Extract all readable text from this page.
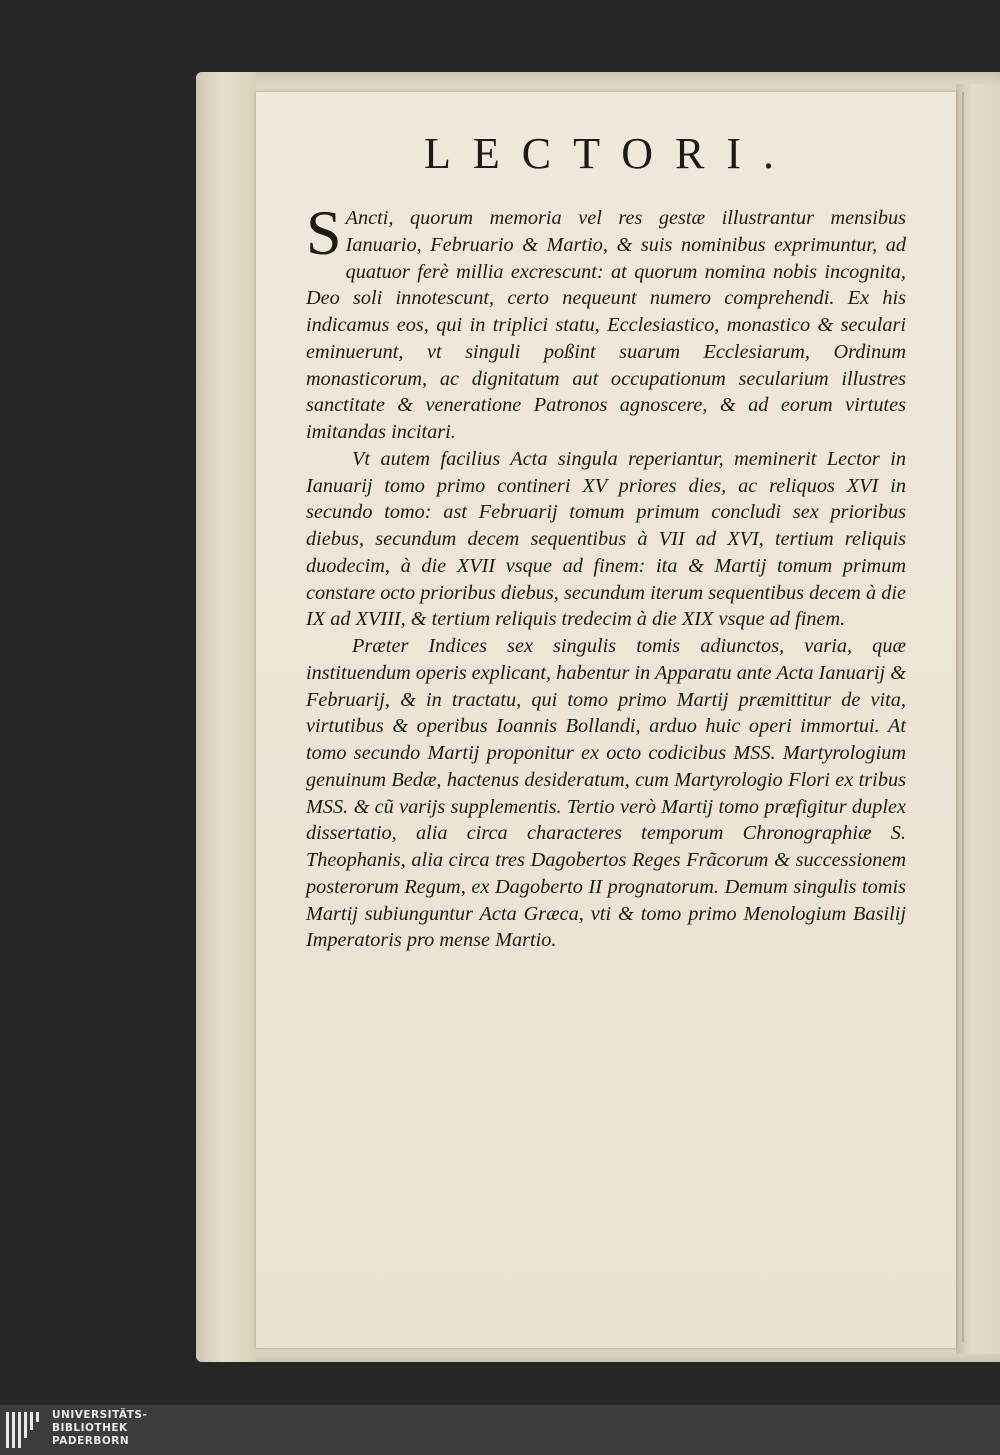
LECTORI.

S Ancti, quorum memoria vel res gestæ illustrantur mensibus Ianuario, Februario & Martio, & suis nominibus exprimuntur, ad quatuor ferè millia excrescunt: at quorum nomina nobis incognita, Deo soli innotescunt, certo nequeunt numero comprehendi. Ex his indicamus eos, qui in triplici statu, Ecclesiastico, monastico & seculari eminuerunt, vt singuli poßint suarum Ecclesiarum, Ordinum monasticorum, ac dignitatum aut occupationum secularium illustres sanctitate & veneratione Patronos agnoscere, & ad eorum virtutes imitandas incitari.

Vt autem facilius Acta singula reperiantur, meminerit Lector in Ianuarij tomo primo contineri XV priores dies, ac reliquos XVI in secundo tomo: ast Februarij tomum primum concludi sex prioribus diebus, secundum decem sequentibus à VII ad XVI, tertium reliquis duodecim, à die XVII vsque ad finem: ita & Martij tomum primum constare octo prioribus diebus, secundum iterum sequentibus decem à die IX ad XVIII, & tertium reliquis tredecim à die XIX vsque ad finem.

Præter Indices sex singulis tomis adiunctos, varia, quæ instituendum operis explicant, habentur in Apparatu ante Acta Ianuarij & Februarij, & in tractatu, qui tomo primo Martij præmittitur de vita, virtutibus & operibus Ioannis Bollandi, arduo huic operi immortui. At tomo secundo Martij proponitur ex octo codicibus MSS. Martyrologium genuinum Bedæ, hactenus desideratum, cum Martyrologio Flori ex tribus MSS. & cũ varijs supplementis. Tertio verò Martij tomo præfigitur duplex dissertatio, alia circa characteres temporum Chronographiæ S. Theophanis, alia circa tres Dagobertos Reges Frãcorum & successionem posterorum Regum, ex Dagoberto II prognatorum. Demum singulis tomis Martij subiunguntur Acta Græca, vti & tomo primo Menologium Basilij Imperatoris pro mense Martio.

UNIVERSITÄTS-
BIBLIOTHEK
PADERBORN
